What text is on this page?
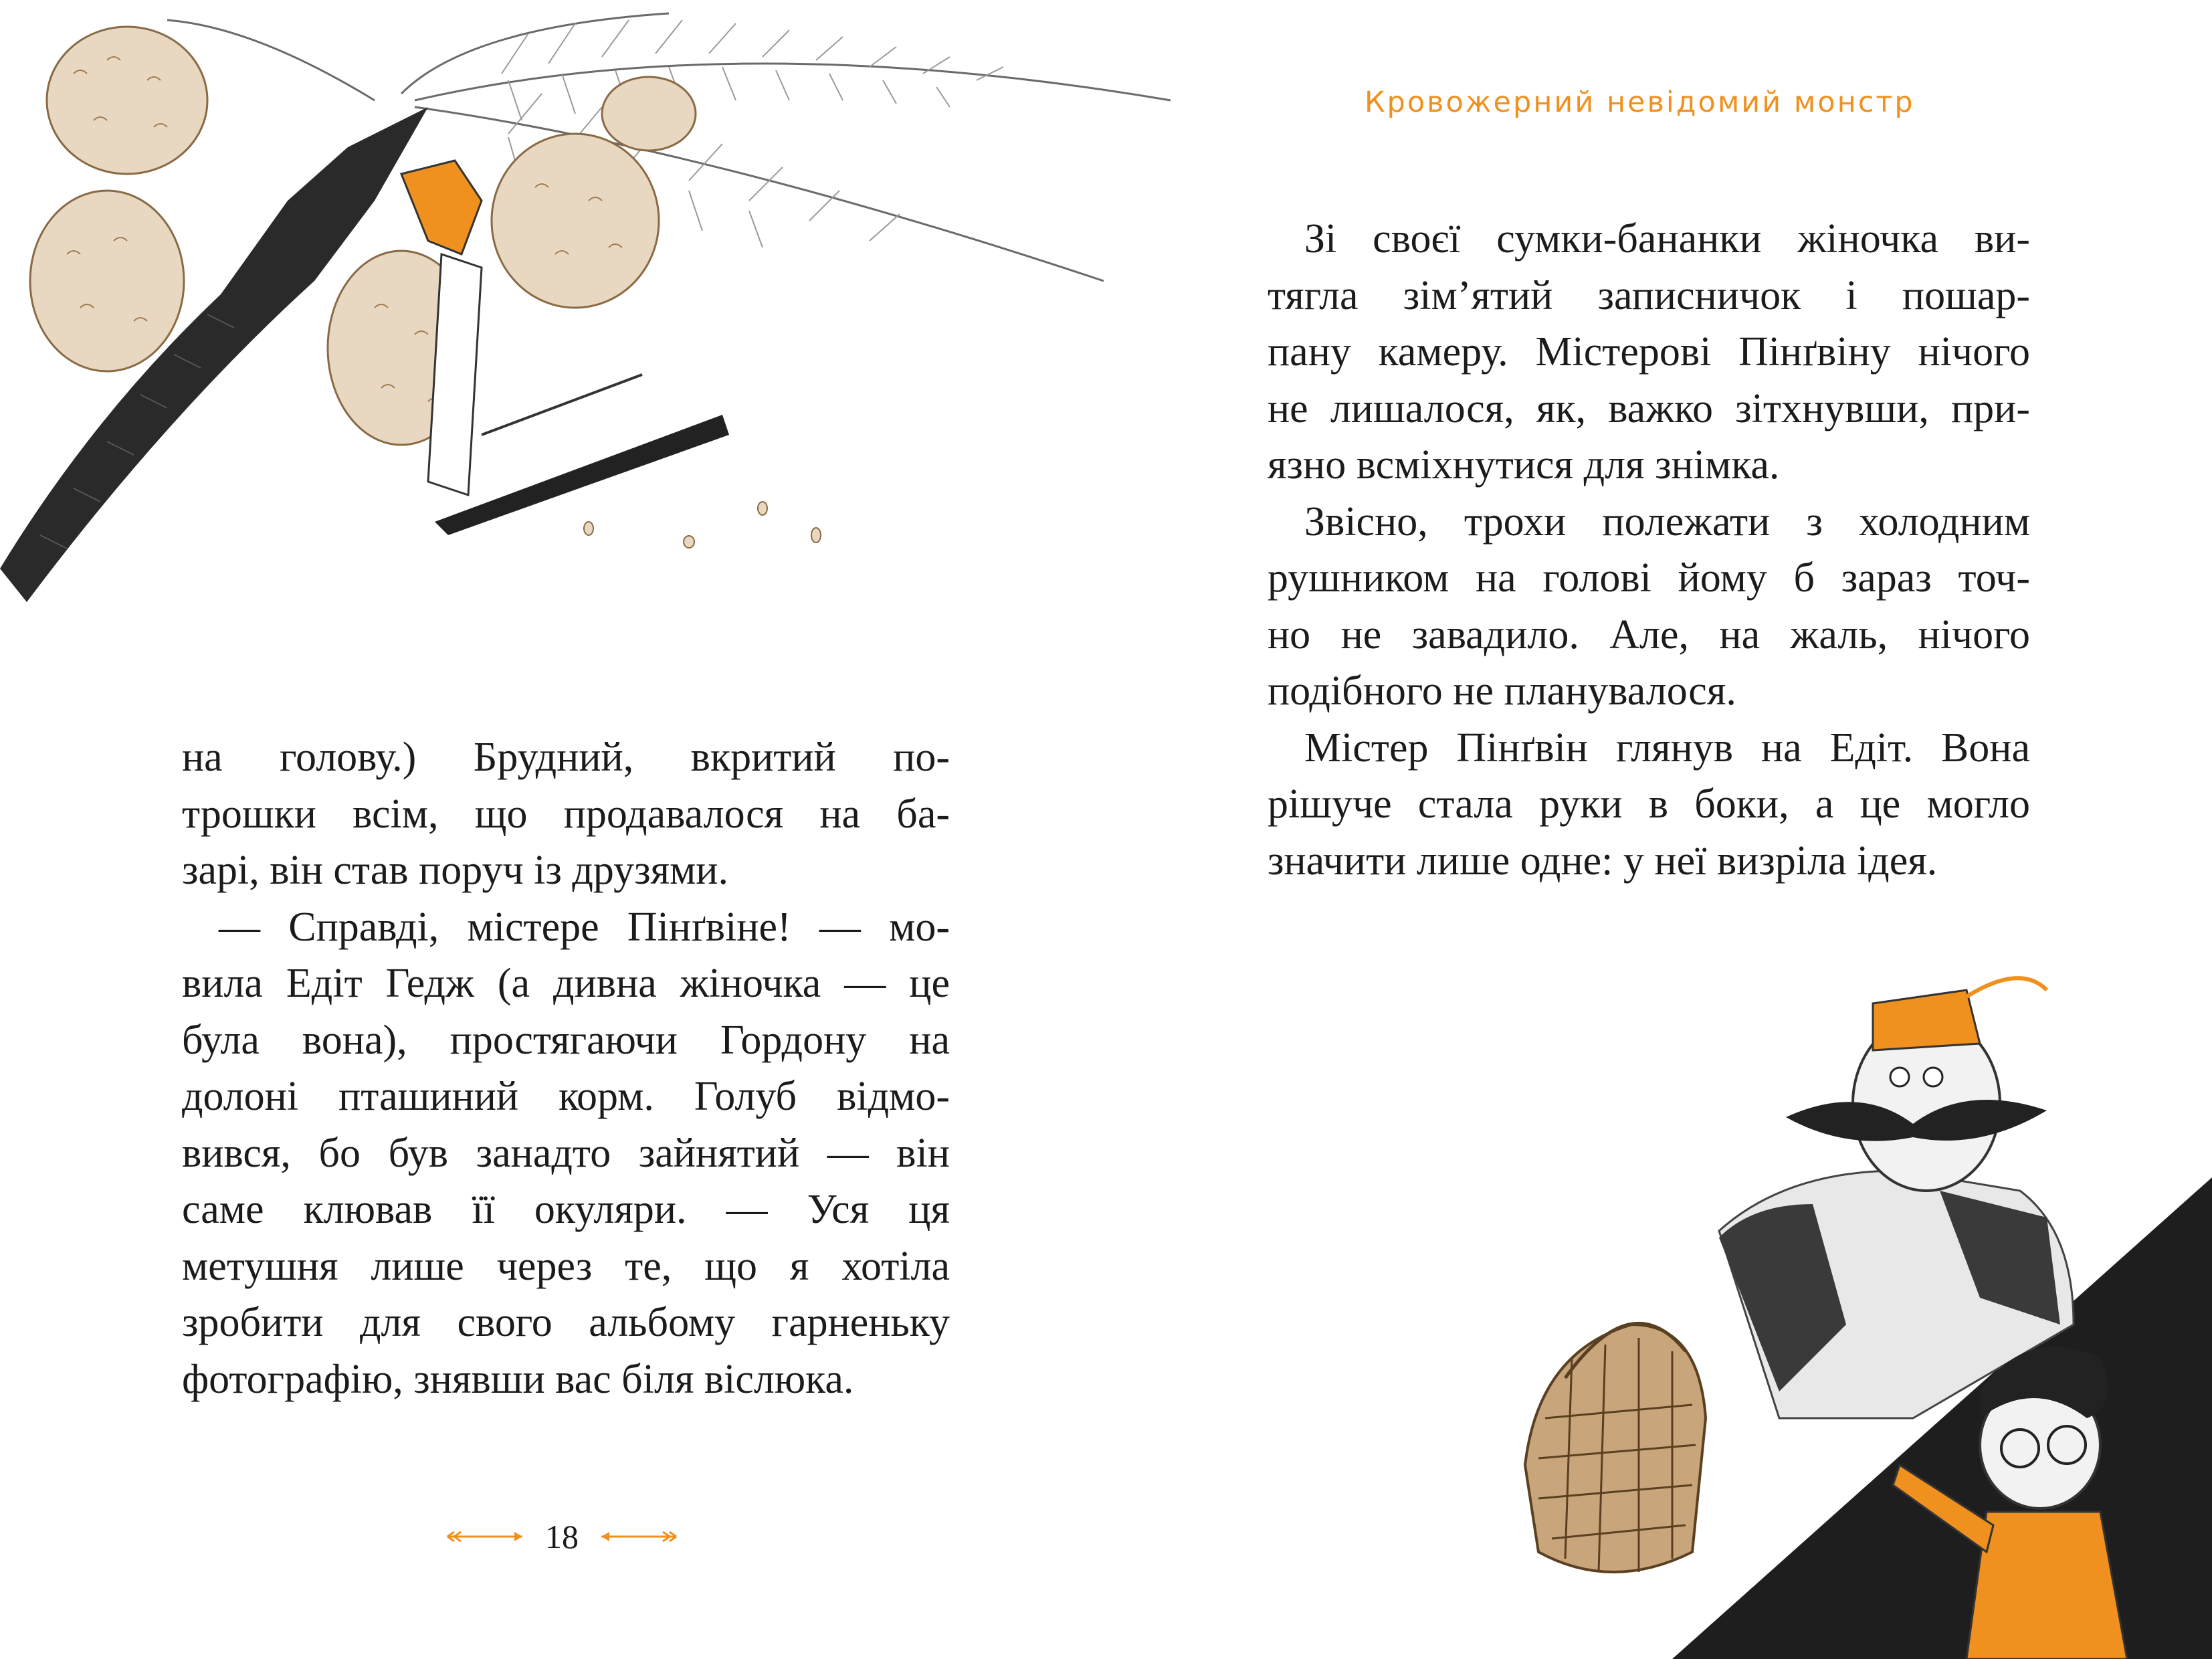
на голову.) Брудний, вкритий по-

трошки всім, що продавалося на ба-

зарі, він став поруч із друзями.

— Справді, містере Пінґвіне! — мо-

вила Едіт Гедж (а дивна жіночка — це

була вона), простягаючи Гордону на

долоні пташиний корм. Голуб відмо-

вився, бо був занадто зайнятий — він

саме клював її окуляри. — Уся ця

метушня лише через те, що я хотіла

зробити для свого альбому гарненьку

фотографію, знявши вас біля віслюка.

18
Кровожерний невідомий монстр

Зі своєї сумки-бананки жіночка ви-

тягла зім’ятий записничок і пошар-

пану камеру. Містерові Пінґвіну нічого

не лишалося, як, важко зітхнувши, при-

язно всміхнутися для знімка.

Звісно, трохи полежати з холодним

рушником на голові йому б зараз точ-

но не завадило. Але, на жаль, нічого

подібного не планувалося.

Містер Пінґвін глянув на Едіт. Вона

рішуче стала руки в боки, а це могло

значити лише одне: у неї визріла ідея.
